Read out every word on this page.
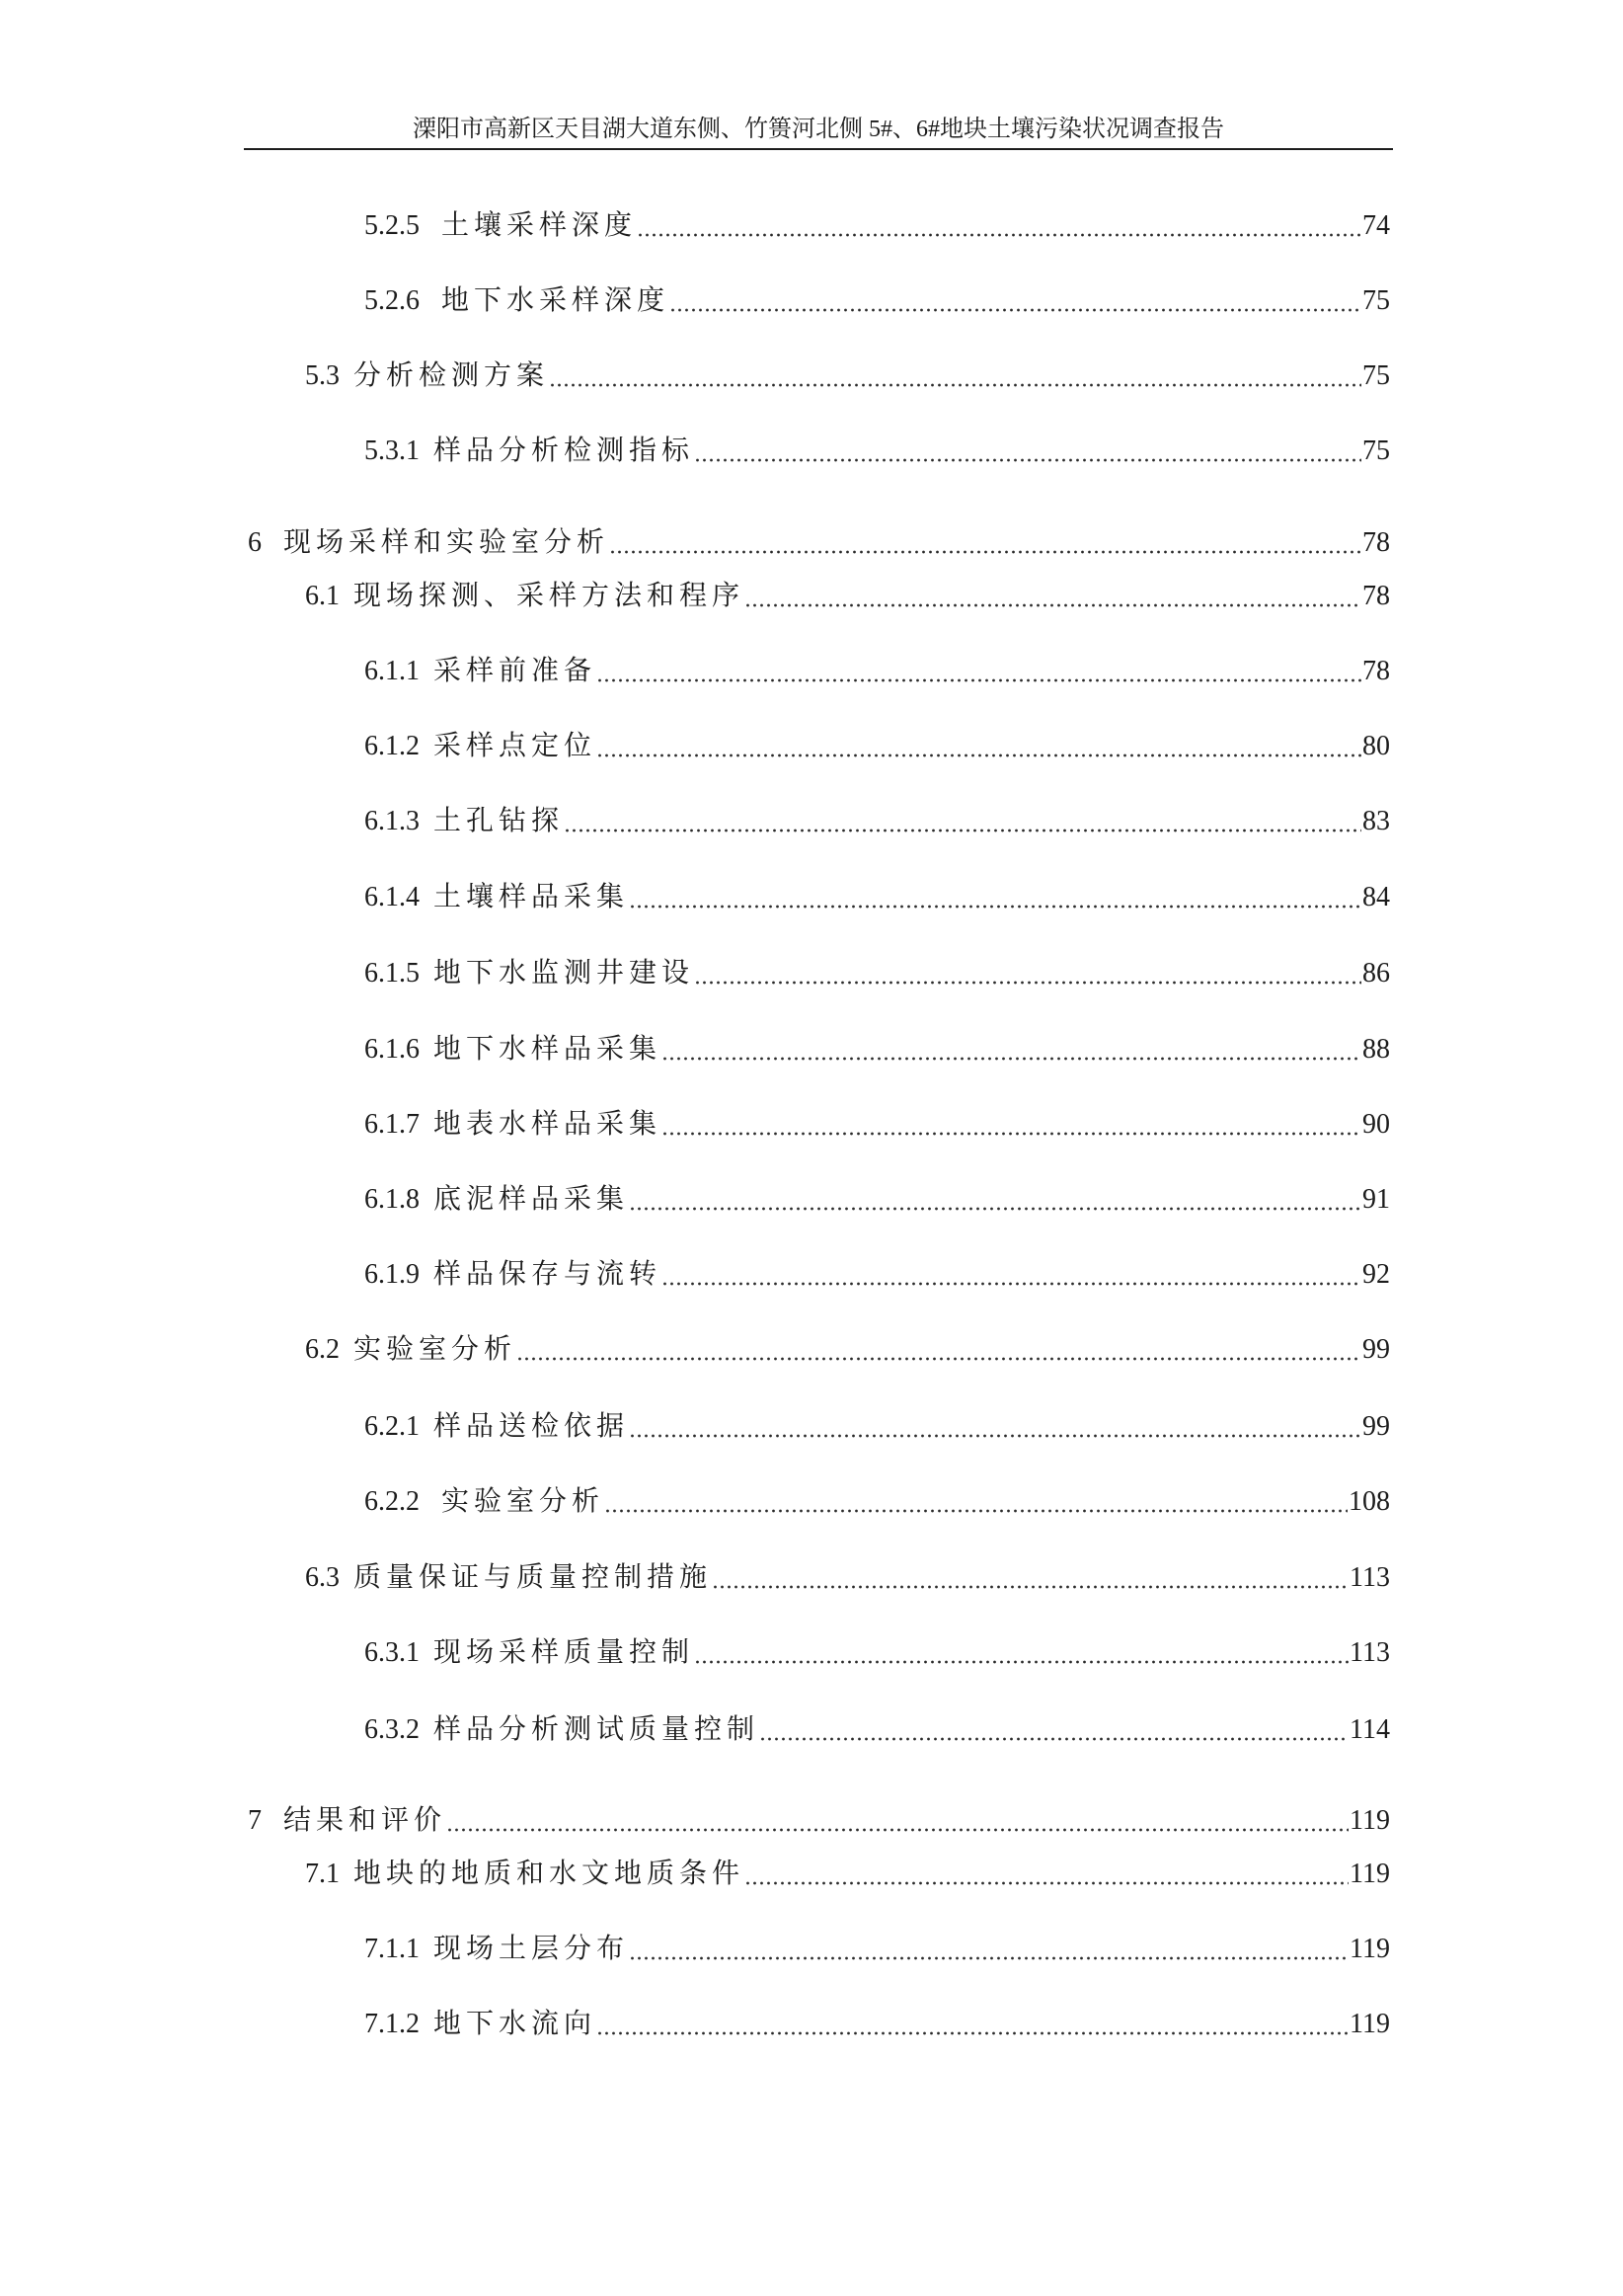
溧阳市高新区天目湖大道东侧、竹篑河北侧 5#、6#地块土壤污染状况调查报告
5.2.5 土壤采样深度	74
5.2.6 地下水采样深度	75
5.3 分析检测方案	75
5.3.1 样品分析检测指标	75
6 现场采样和实验室分析	78
6.1 现场探测、采样方法和程序	78
6.1.1 采样前准备	78
6.1.2 采样点定位	80
6.1.3 土孔钻探	83
6.1.4 土壤样品采集	84
6.1.5 地下水监测井建设	86
6.1.6 地下水样品采集	88
6.1.7 地表水样品采集	90
6.1.8 底泥样品采集	91
6.1.9 样品保存与流转	92
6.2 实验室分析	99
6.2.1 样品送检依据	99
6.2.2 实验室分析	108
6.3 质量保证与质量控制措施	113
6.3.1 现场采样质量控制	113
6.3.2 样品分析测试质量控制	114
7 结果和评价	119
7.1 地块的地质和水文地质条件	119
7.1.1 现场土层分布	119
7.1.2 地下水流向	119
